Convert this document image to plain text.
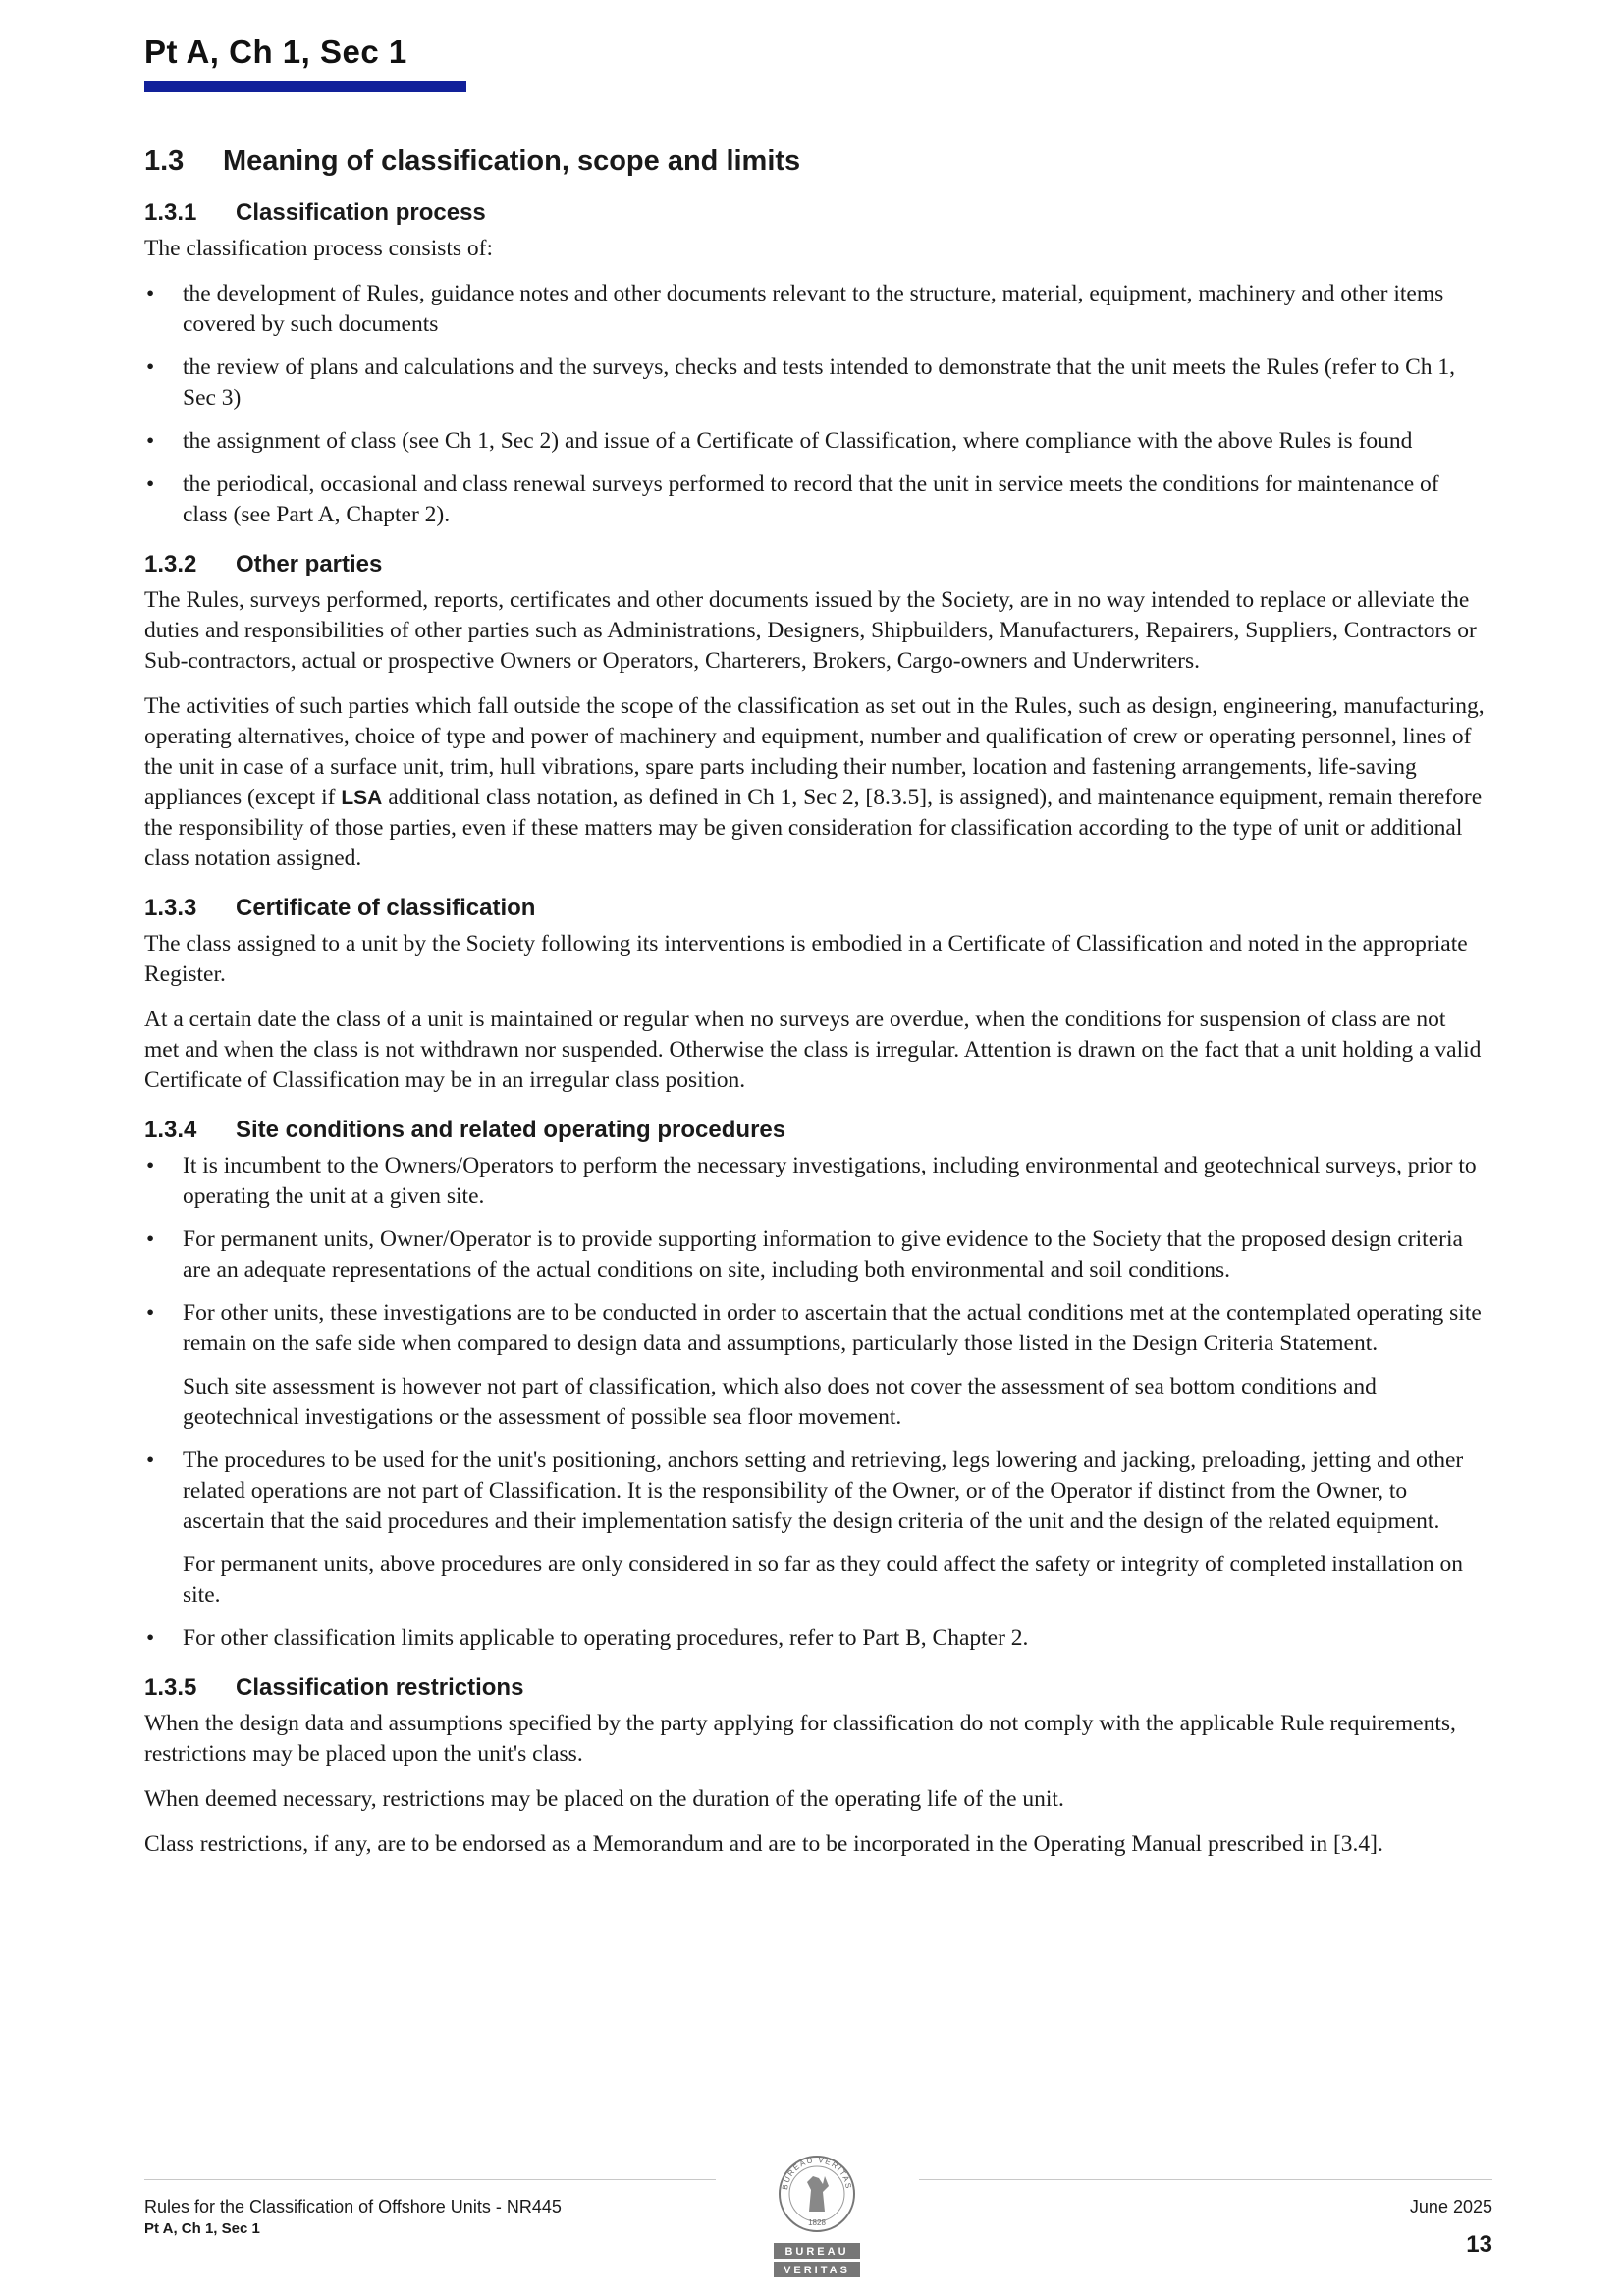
Pt A, Ch 1, Sec 1
1.3	Meaning of classification, scope and limits
1.3.1	Classification process

The classification process consists of:

• the development of Rules, guidance notes and other documents relevant to the structure, material, equipment, machinery and other items covered by such documents
• the review of plans and calculations and the surveys, checks and tests intended to demonstrate that the unit meets the Rules (refer to Ch 1, Sec 3)
• the assignment of class (see Ch 1, Sec 2) and issue of a Certificate of Classification, where compliance with the above Rules is found
• the periodical, occasional and class renewal surveys performed to record that the unit in service meets the conditions for maintenance of class (see Part A, Chapter 2).
1.3.2	Other parties

The Rules, surveys performed, reports, certificates and other documents issued by the Society, are in no way intended to replace or alleviate the duties and responsibilities of other parties such as Administrations, Designers, Shipbuilders, Manufacturers, Repairers, Suppliers, Contractors or Sub-contractors, actual or prospective Owners or Operators, Charterers, Brokers, Cargo-owners and Underwriters.

The activities of such parties which fall outside the scope of the classification as set out in the Rules, such as design, engineering, manufacturing, operating alternatives, choice of type and power of machinery and equipment, number and qualification of crew or operating personnel, lines of the unit in case of a surface unit, trim, hull vibrations, spare parts including their number, location and fastening arrangements, life-saving appliances (except if LSA additional class notation, as defined in Ch 1, Sec 2, [8.3.5], is assigned), and maintenance equipment, remain therefore the responsibility of those parties, even if these matters may be given consideration for classification according to the type of unit or additional class notation assigned.

1.3.3	Certificate of classification

The class assigned to a unit by the Society following its interventions is embodied in a Certificate of Classification and noted in the appropriate Register.

At a certain date the class of a unit is maintained or regular when no surveys are overdue, when the conditions for suspension of class are not met and when the class is not withdrawn nor suspended. Otherwise the class is irregular. Attention is drawn on the fact that a unit holding a valid Certificate of Classification may be in an irregular class position.

1.3.4	Site conditions and related operating procedures
• It is incumbent to the Owners/Operators to perform the necessary investigations, including environmental and geotechnical surveys, prior to operating the unit at a given site.
• For permanent units, Owner/Operator is to provide supporting information to give evidence to the Society that the proposed design criteria are an adequate representations of the actual conditions on site, including both environmental and soil conditions.
• For other units, these investigations are to be conducted in order to ascertain that the actual conditions met at the contemplated operating site remain on the safe side when compared to design data and assumptions, particularly those listed in the Design Criteria Statement.
Such site assessment is however not part of classification, which also does not cover the assessment of sea bottom conditions and geotechnical investigations or the assessment of possible sea floor movement.
• The procedures to be used for the unit's positioning, anchors setting and retrieving, legs lowering and jacking, preloading, jetting and other related operations are not part of Classification. It is the responsibility of the Owner, or of the Operator if distinct from the Owner, to ascertain that the said procedures and their implementation satisfy the design criteria of the unit and the design of the related equipment.
For permanent units, above procedures are only considered in so far as they could affect the safety or integrity of completed installation on site.
• For other classification limits applicable to operating procedures, refer to Part B, Chapter 2.
1.3.5	Classification restrictions

When the design data and assumptions specified by the party applying for classification do not comply with the applicable Rule requirements, restrictions may be placed upon the unit's class.

When deemed necessary, restrictions may be placed on the duration of the operating life of the unit.

Class restrictions, if any, are to be endorsed as a Memorandum and are to be incorporated in the Operating Manual prescribed in [3.4].

Rules for the Classification of Offshore Units - NR445
Pt A, Ch 1, Sec 1
June 2025
13
BUREAU VERITAS
1828
BUREAU
VERITAS
